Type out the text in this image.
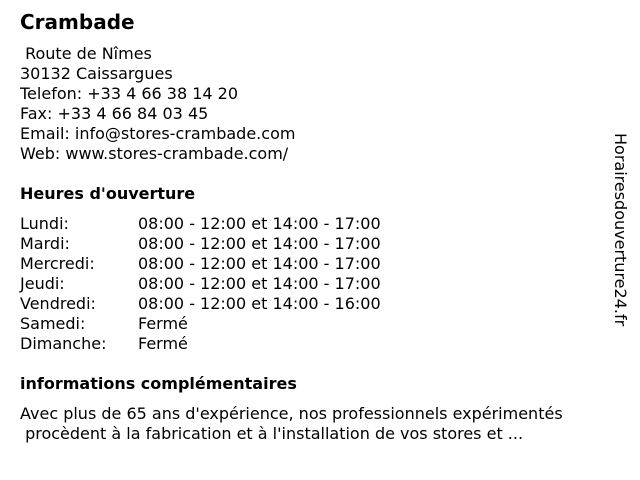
Crambade
Route de Nîmes
30132 Caissargues
Telefon: +33 4 66 38 14 20
Fax: +33 4 66 84 03 45
Email: info@stores-crambade.com
Web: www.stores-crambade.com/
Heures d'ouverture
Lundi:	08:00 - 12:00 et 14:00 - 17:00
Mardi:	08:00 - 12:00 et 14:00 - 17:00
Mercredi:	08:00 - 12:00 et 14:00 - 17:00
Jeudi:	08:00 - 12:00 et 14:00 - 17:00
Vendredi:	08:00 - 12:00 et 14:00 - 16:00
Samedi:	Fermé
Dimanche: Fermé
informations complémentaires
Avec plus de 65 ans d'expérience, nos professionnels expérimentés
procèdent à la fabrication et à l'installation de vos stores et ...
Horairesdouverture24.fr
